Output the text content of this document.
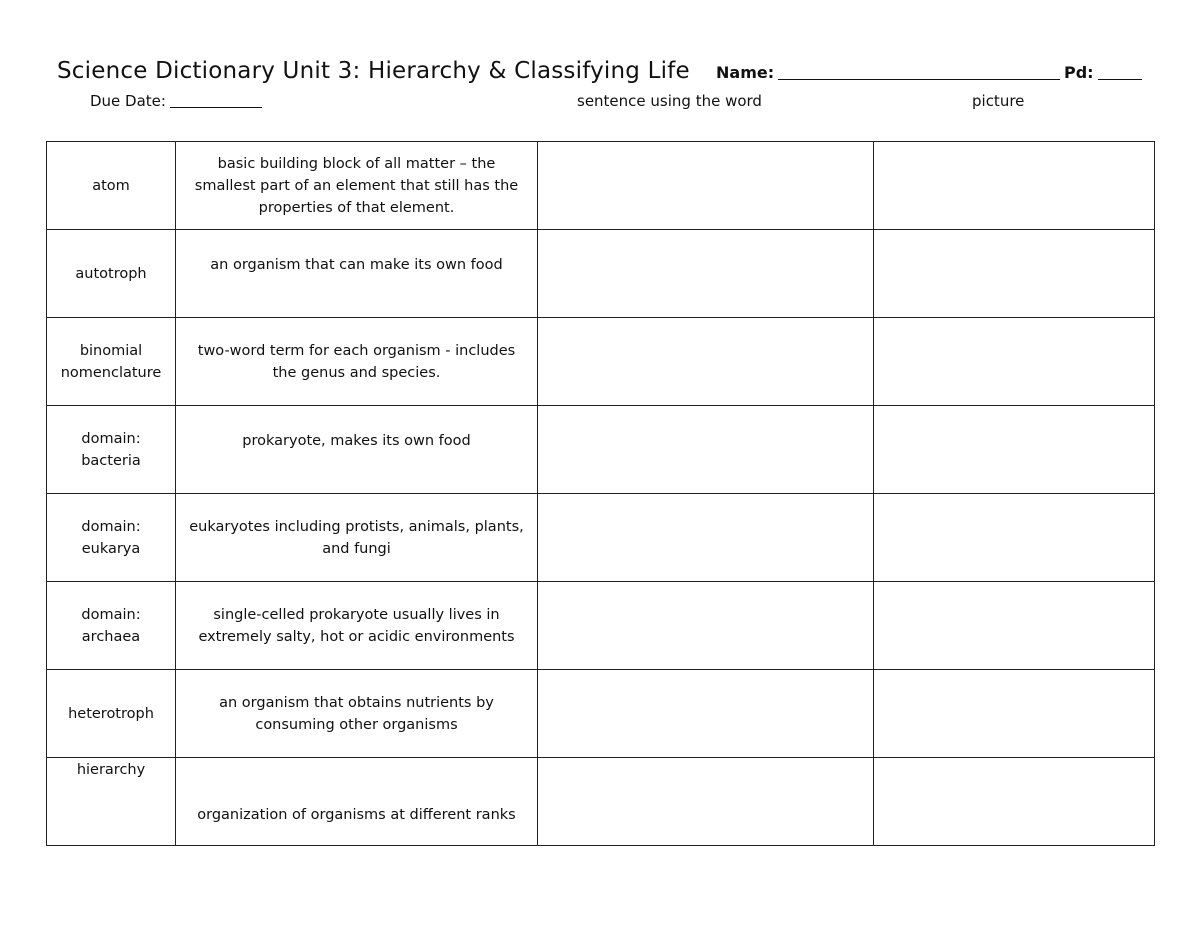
Science Dictionary Unit 3: Hierarchy & Classifying Life Name:	Pd:
Due Date:	sentence using the word	picture
atom	basic building block of all matter – the smallest part of an element that still has the properties of that element.		
autotroph	an organism that can make its own food		
binomial nomenclature	two-word term for each organism - includes the genus and species.		
domain: bacteria	prokaryote, makes its own food		
domain: eukarya	eukaryotes including protists, animals, plants, and fungi		
domain: archaea	single-celled prokaryote usually lives in extremely salty, hot or acidic environments		
heterotroph	an organism that obtains nutrients by consuming other organisms		
hierarchy	organization of organisms at different ranks		
